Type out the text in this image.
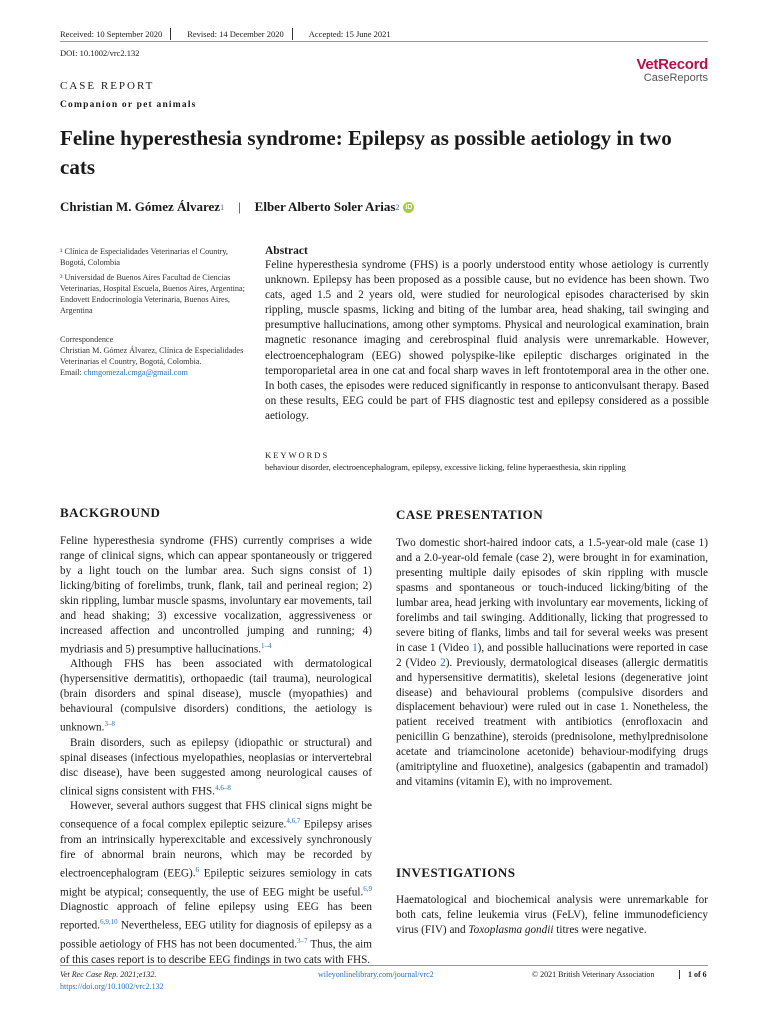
Received: 10 September 2020	Revised: 14 December 2020	Accepted: 15 June 2021
DOI: 10.1002/vrc2.132
VetRecord
CaseReports
CASE REPORT
Companion or pet animals
Feline hyperesthesia syndrome: Epilepsy as possible aetiology in two cats
Christian M. Gómez Álvarez 1 | Elber Alberto Soler Arias 2 iD
¹ Clínica de Especialidades Veterinarias el Country, Bogotá, Colombia
² Universidad de Buenos Aires Facultad de Ciencias Veterinarias, Hospital Escuela, Buenos Aires, Argentina; Endovett Endocrinología Veterinaria, Buenos Aires, Argentina
Correspondence
Christian M. Gómez Álvarez, Clínica de Especialidades Veterinarias el Country, Bogotá, Colombia.
Email: chmgomezal.cmga@gmail.com
Abstract
Feline hyperesthesia syndrome (FHS) is a poorly understood entity whose aetiology is currently unknown. Epilepsy has been proposed as a possible cause, but no evidence has been shown. Two cats, aged 1.5 and 2 years old, were studied for neurological episodes characterised by skin rippling, muscle spasms, licking and biting of the lumbar area, head shaking, tail swinging and presumptive hallucinations, among other symptoms. Physical and neurological examination, brain magnetic resonance imaging and cerebrospinal fluid analysis were unremarkable. However, electroencephalogram (EEG) showed polyspike-like epileptic discharges originated in the temporoparietal area in one cat and focal sharp waves in left frontotemporal area in the other one. In both cases, the episodes were reduced significantly in response to anticonvulsant therapy. Based on these results, EEG could be part of FHS diagnostic test and epilepsy considered as a possible aetiology.
KEYWORDS
behaviour disorder, electroencephalogram, epilepsy, excessive licking, feline hyperaesthesia, skin rippling
BACKGROUND

Feline hyperesthesia syndrome (FHS) currently comprises a wide range of clinical signs, which can appear spontaneously or triggered by a light touch on the lumbar area. Such signs consist of 1) licking/biting of forelimbs, trunk, flank, tail and perineal region; 2) skin rippling, lumbar muscle spasms, involuntary ear movements, tail and head shaking; 3) excessive vocalization, aggressiveness or increased affection and uncontrolled jumping and running; 4) mydriasis and 5) presumptive hallucinations.$^{1-4}$

Although FHS has been associated with dermatological (hypersensitive dermatitis), orthopaedic (tail trauma), neurological (brain disorders and spinal disease), muscle (myopathies) and behavioural (compulsive disorders) conditions, the aetiology is unknown.$^{3-8}$

Brain disorders, such as epilepsy (idiopathic or structural) and spinal diseases (infectious myelopathies, neoplasias or intervertebral disc disease), have been suggested among neurological causes of clinical signs consistent with FHS.$^{4,6-8}$

However, several authors suggest that FHS clinical signs might be consequence of a focal complex epileptic seizure.$^{4,6,7}$ Epilepsy arises from an intrinsically hyperexcitable and excessively synchronously fire of abnormal brain neurons, which may be recorded by electroencephalogram (EEG).$^6$ Epileptic seizures semiology in cats might be atypical; consequently, the use of EEG might be useful.$^{6,9}$ Diagnostic approach of feline epilepsy using EEG has been reported.$^{6,9,10}$ Nevertheless, EEG utility for diagnosis of epilepsy as a possible aetiology of FHS has not been documented.$^{3-7}$ Thus, the aim of this cases report is to describe EEG findings in two cats with FHS.

CASE PRESENTATION

Two domestic short-haired indoor cats, a 1.5-year-old male (case 1) and a 2.0-year-old female (case 2), were brought in for examination, presenting multiple daily episodes of skin rippling with muscle spasms and spontaneous or touch-induced licking/biting of the lumbar area, head jerking with involuntary ear movements, licking of forelimbs and tail swinging. Additionally, licking that progressed to severe biting of flanks, limbs and tail for several weeks was present in case 1 (Video 1), and possible hallucinations were reported in case 2 (Video 2). Previously, dermatological diseases (allergic dermatitis and hypersensitive dermatitis), skeletal lesions (degenerative joint disease) and behavioural problems (compulsive disorders and displacement behaviour) were ruled out in case 1. Nonetheless, the patient received treatment with antibiotics (enrofloxacin and penicillin G benzathine), steroids (prednisolone, methylprednisolone acetate and triamcinolone acetonide) behaviour-modifying drugs (amitriptyline and fluoxetine), analgesics (gabapentin and tramadol) and vitamins (vitamin E), with no improvement.

INVESTIGATIONS

Haematological and biochemical analysis were unremarkable for both cats, feline leukemia virus (FeLV), feline immunodeficiency virus (FIV) and Toxoplasma gondii titres were negative.

Vet Rec Case Rep. 2021;e132.
https://doi.org/10.1002/vrc2.132
wileyonlinelibrary.com/journal/vrc2	© 2021 British Veterinary Association	1 of 6
